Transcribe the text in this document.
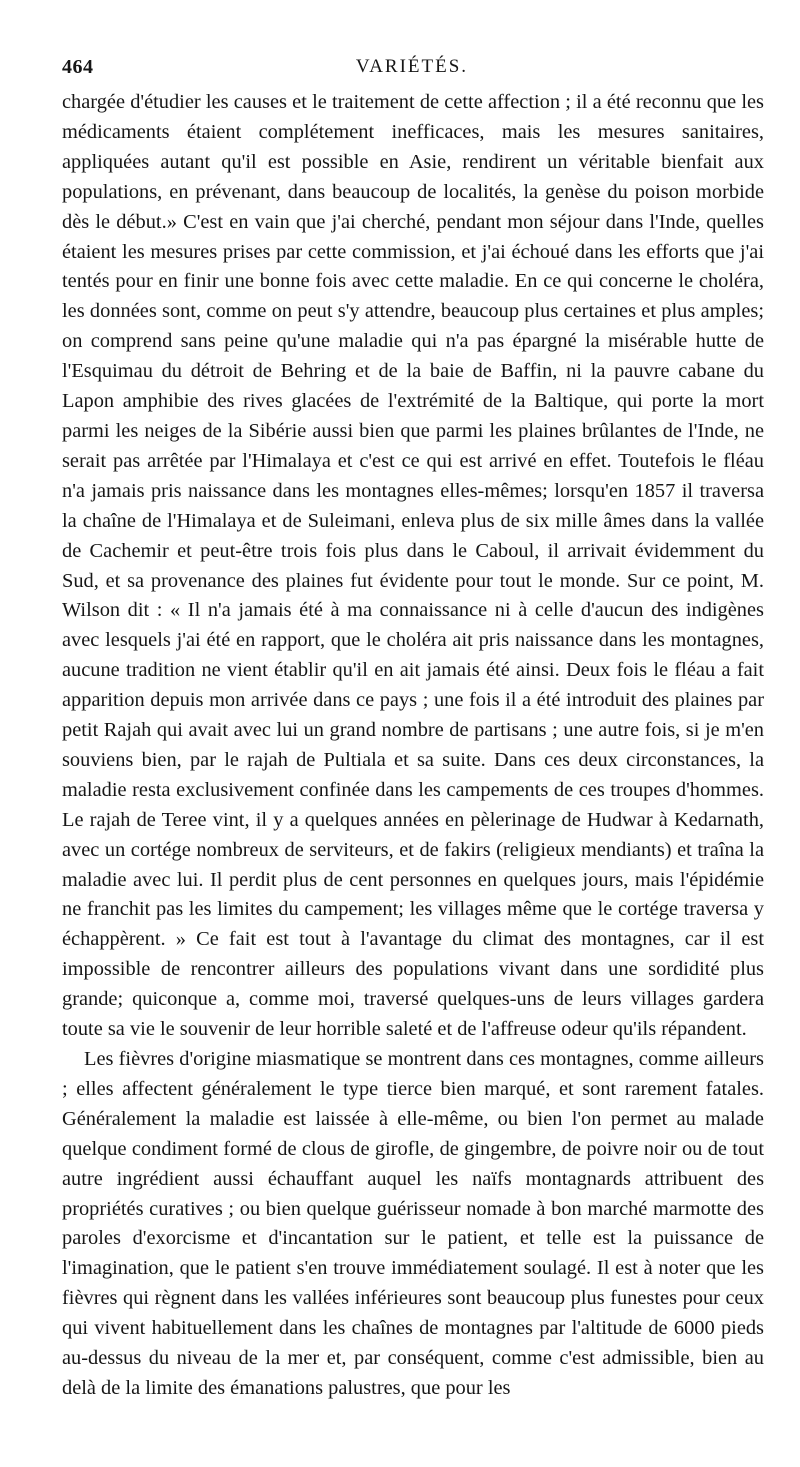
464	VARIÉTÉS.

chargée d'étudier les causes et le traitement de cette affection ; il a été reconnu que les médicaments étaient complétement inefficaces, mais les mesures sanitaires, appliquées autant qu'il est possible en Asie, rendirent un véritable bienfait aux populations, en prévenant, dans beaucoup de localités, la genèse du poison morbide dès le début.» C'est en vain que j'ai cherché, pendant mon séjour dans l'Inde, quelles étaient les mesures prises par cette commission, et j'ai échoué dans les efforts que j'ai tentés pour en finir une bonne fois avec cette maladie. En ce qui concerne le choléra, les données sont, comme on peut s'y attendre, beaucoup plus certaines et plus amples; on comprend sans peine qu'une maladie qui n'a pas épargné la misérable hutte de l'Esquimau du détroit de Behring et de la baie de Baffin, ni la pauvre cabane du Lapon amphibie des rives glacées de l'extrémité de la Baltique, qui porte la mort parmi les neiges de la Sibérie aussi bien que parmi les plaines brûlantes de l'Inde, ne serait pas arrêtée par l'Himalaya et c'est ce qui est arrivé en effet. Toutefois le fléau n'a jamais pris naissance dans les montagnes elles-mêmes; lorsqu'en 1857 il traversa la chaîne de l'Himalaya et de Suleimani, enleva plus de six mille âmes dans la vallée de Cachemir et peut-être trois fois plus dans le Caboul, il arrivait évidemment du Sud, et sa provenance des plaines fut évidente pour tout le monde. Sur ce point, M. Wilson dit : « Il n'a jamais été à ma connaissance ni à celle d'aucun des indigènes avec lesquels j'ai été en rapport, que le choléra ait pris naissance dans les montagnes, aucune tradition ne vient établir qu'il en ait jamais été ainsi. Deux fois le fléau a fait apparition depuis mon arrivée dans ce pays ; une fois il a été introduit des plaines par petit Rajah qui avait avec lui un grand nombre de partisans ; une autre fois, si je m'en souviens bien, par le rajah de Pultiala et sa suite. Dans ces deux circonstances, la maladie resta exclusivement confinée dans les campements de ces troupes d'hommes. Le rajah de Teree vint, il y a quelques années en pèlerinage de Hudwar à Kedarnath, avec un cortége nombreux de serviteurs, et de fakirs (religieux mendiants) et traîna la maladie avec lui. Il perdit plus de cent personnes en quelques jours, mais l'épidémie ne franchit pas les limites du campement; les villages même que le cortége traversa y échappèrent. » Ce fait est tout à l'avantage du climat des montagnes, car il est impossible de rencontrer ailleurs des populations vivant dans une sordidité plus grande; quiconque a, comme moi, traversé quelques-uns de leurs villages gardera toute sa vie le souvenir de leur horrible saleté et de l'affreuse odeur qu'ils répandent.

Les fièvres d'origine miasmatique se montrent dans ces montagnes, comme ailleurs ; elles affectent généralement le type tierce bien marqué, et sont rarement fatales. Généralement la maladie est laissée à elle-même, ou bien l'on permet au malade quelque condiment formé de clous de girofle, de gingembre, de poivre noir ou de tout autre ingrédient aussi échauffant auquel les naïfs montagnards attribuent des propriétés curatives ; ou bien quelque guérisseur nomade à bon marché marmotte des paroles d'exorcisme et d'incantation sur le patient, et telle est la puissance de l'imagination, que le patient s'en trouve immédiatement soulagé. Il est à noter que les fièvres qui règnent dans les vallées inférieures sont beaucoup plus funestes pour ceux qui vivent habituellement dans les chaînes de montagnes par l'altitude de 6000 pieds au-dessus du niveau de la mer et, par conséquent, comme c'est admissible, bien au delà de la limite des émanations palustres, que pour les
